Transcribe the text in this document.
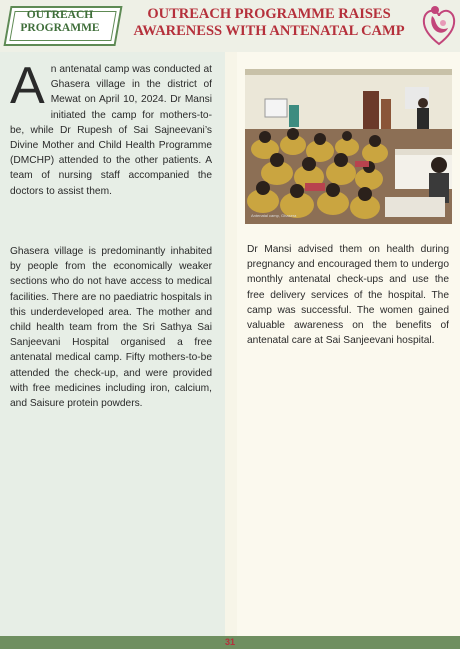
OUTREACH
PROGRAMME
OUTREACH PROGRAMME RAISES
AWARENESS WITH ANTENATAL CAMP
A n antenatal camp was conducted at Ghasera village in the district of Mewat on April 10, 2024. Dr Mansi initiated the camp for mothers-to-be, while Dr Rupesh of Sai Sajneevani’s Divine Mother and Child Health Programme (DMCHP) attended to the other patients. A team of nursing staff accompanied the doctors to assist them.
Ghasera village is predominantly inhabited by people from the economically weaker sections who do not have access to medical facilities. There are no paediatric hospitals in this underdeveloped area. The mother and child health team from the Sri Sathya Sai Sanjeevani Hospital organised a free antenatal medical camp. Fifty mothers-to-be attended the check-up, and were provided with free medicines including iron, calcium, and Saisure protein powders.
Antenatal camp, Ghasera
Dr Mansi advised them on health during pregnancy and encouraged them to undergo monthly antenatal check-ups and use the free delivery services of the hospital. The camp was successful. The women gained valuable awareness on the benefits of antenatal care at Sai Sanjeevani hospital.
31
